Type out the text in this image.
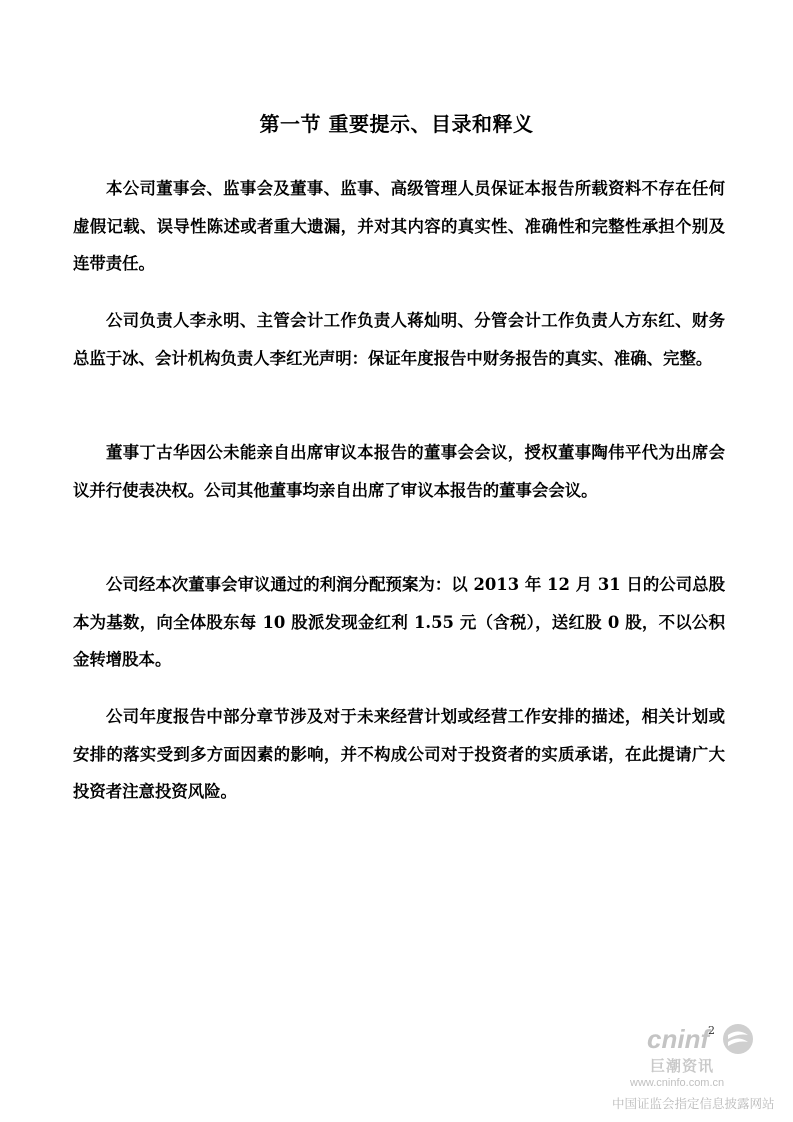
第一节 重要提示、目录和释义

本公司董事会、监事会及董事、监事、高级管理人员保证本报告所载资料不存在任何虚假记载、误导性陈述或者重大遗漏，并对其内容的真实性、准确性和完整性承担个别及连带责任。

公司负责人李永明、主管会计工作负责人蒋灿明、分管会计工作负责人方东红、财务总监于冰、会计机构负责人李红光声明：保证年度报告中财务报告的真实、准确、完整。

董事丁古华因公未能亲自出席审议本报告的董事会会议，授权董事陶伟平代为出席会议并行使表决权。公司其他董事均亲自出席了审议本报告的董事会会议。

公司经本次董事会审议通过的利润分配预案为：以 2013 年 12 月 31 日的公司总股本为基数，向全体股东每 10 股派发现金红利 1.55 元（含税），送红股 0 股，不以公积金转增股本。

公司年度报告中部分章节涉及对于未来经营计划或经营工作安排的描述，相关计划或安排的落实受到多方面因素的影响，并不构成公司对于投资者的实质承诺，在此提请广大投资者注意投资风险。

2
cninf
巨潮资讯
www.cninfo.com.cn
中国证监会指定信息披露网站
